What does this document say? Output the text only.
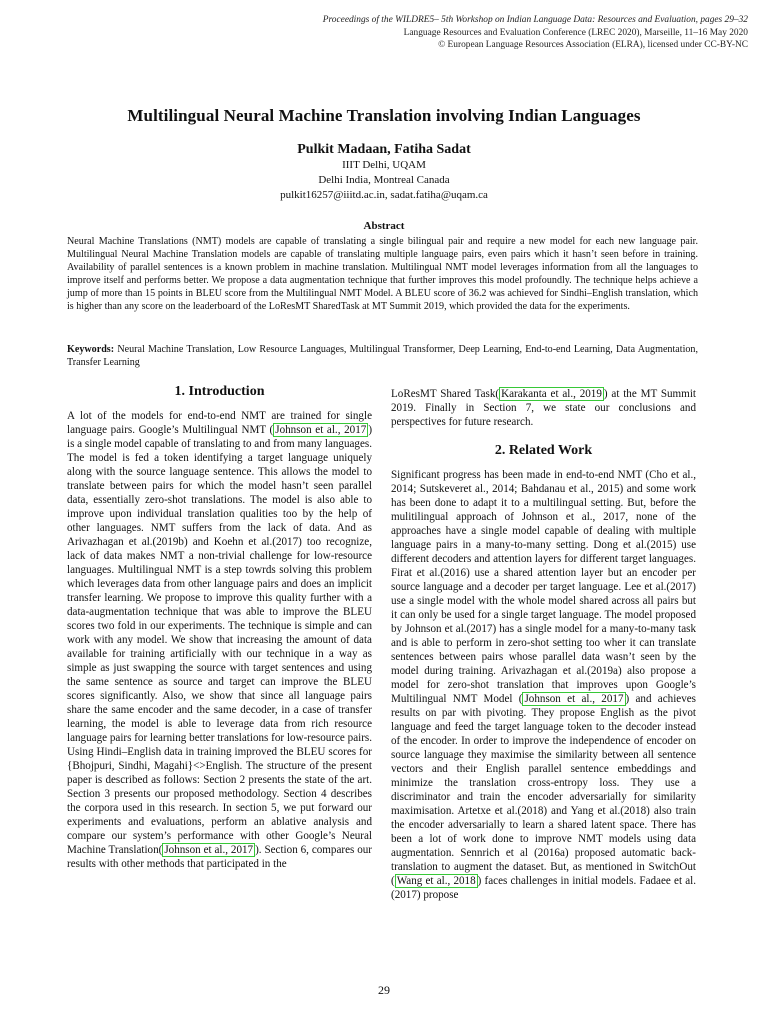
Proceedings of the WILDRE5– 5th Workshop on Indian Language Data: Resources and Evaluation, pages 29–32
Language Resources and Evaluation Conference (LREC 2020), Marseille, 11–16 May 2020
© European Language Resources Association (ELRA), licensed under CC-BY-NC
Multilingual Neural Machine Translation involving Indian Languages
Pulkit Madaan, Fatiha Sadat
IIIT Delhi, UQAM
Delhi India, Montreal Canada
pulkit16257@iiitd.ac.in, sadat.fatiha@uqam.ca
Abstract
Neural Machine Translations (NMT) models are capable of translating a single bilingual pair and require a new model for each new language pair. Multilingual Neural Machine Translation models are capable of translating multiple language pairs, even pairs which it hasn’t seen before in training. Availability of parallel sentences is a known problem in machine translation. Multilingual NMT model leverages information from all the languages to improve itself and performs better. We propose a data augmentation technique that further improves this model profoundly. The technique helps achieve a jump of more than 15 points in BLEU score from the Multilingual NMT Model. A BLEU score of 36.2 was achieved for Sindhi–English translation, which is higher than any score on the leaderboard of the LoResMT SharedTask at MT Summit 2019, which provided the data for the experiments.
Keywords: Neural Machine Translation, Low Resource Languages, Multilingual Transformer, Deep Learning, End-to-end Learning, Data Augmentation, Transfer Learning
1. Introduction

A lot of the models for end-to-end NMT are trained for single language pairs. Google’s Multilingual NMT ( Johnson et al., 2017 ) is a single model capable of translating to and from many languages. The model is fed a token identifying a target language uniquely along with the source language sentence. This allows the model to translate between pairs for which the model hasn’t seen parallel data, essentially zero-shot translations. The model is also able to improve upon individual translation qualities too by the help of other languages. NMT suffers from the lack of data. And as Arivazhagan et al.(2019b) and Koehn et al.(2017) too recognize, lack of data makes NMT a non-trivial challenge for low-resource languages. Multilingual NMT is a step towrds solving this problem which leverages data from other language pairs and does an implicit transfer learning. We propose to improve this quality further with a data-augmentation technique that was able to improve the BLEU scores two fold in our experiments. The technique is simple and can work with any model. We show that increasing the amount of data available for training artificially with our technique in a way as simple as just swapping the source with target sentences and using the same sentence as source and target can improve the BLEU scores significantly. Also, we show that since all language pairs share the same encoder and the same decoder, in a case of transfer learning, the model is able to leverage data from rich resource language pairs for learning better translations for low-resource pairs. Using Hindi–English data in training improved the BLEU scores for {Bhojpuri, Sindhi, Magahi}<>English. The structure of the present paper is described as follows: Section 2 presents the state of the art. Section 3 presents our proposed methodology. Section 4 describes the corpora used in this research. In section 5, we put forward our experiments and evaluations, perform an ablative analysis and compare our system’s performance with other Google’s Neural Machine Translation( Johnson et al., 2017 ). Section 6, compares our results with other methods that participated in the

LoResMT Shared Task( Karakanta et al., 2019 ) at the MT Summit 2019. Finally in Section 7, we state our conclusions and perspectives for future research.

2. Related Work

Significant progress has been made in end-to-end NMT (Cho et al., 2014; Sutskeveret al., 2014; Bahdanau et al., 2015) and some work has been done to adapt it to a multilingual setting. But, before the mulitilingual approach of Johnson et al., 2017, none of the approaches have a single model capable of dealing with multiple language pairs in a many-to-many setting. Dong et al.(2015) use different decoders and attention layers for different target languages. Firat et al.(2016) use a shared attention layer but an encoder per source language and a decoder per target language. Lee et al.(2017) use a single model with the whole model shared across all pairs but it can only be used for a single target language. The model proposed by Johnson et al.(2017) has a single model for a many-to-many task and is able to perform in zero-shot setting too wher it can translate sentences between pairs whose parallel data wasn’t seen by the model during training. Arivazhagan et al.(2019a) also propose a model for zero-shot translation that improves upon Google’s Multilingual NMT Model ( Johnson et al., 2017 ) and achieves results on par with pivoting. They propose English as the pivot language and feed the target language token to the decoder instead of the encoder. In order to improve the independence of encoder on source language they maximise the similarity between all sentence vectors and their English parallel sentence embeddings and minimize the translation cross-entropy loss. They use a discriminator and train the encoder adversarially for similarity maximisation. Artetxe et al.(2018) and Yang et al.(2018) also train the encoder adversarially to learn a shared latent space. There has been a lot of work done to improve NMT models using data augmentation. Sennrich et al (2016a) proposed automatic back-translation to augment the dataset. But, as mentioned in SwitchOut ( Wang et al., 2018 ) faces challenges in initial models. Fadaee et al.(2017) propose

29
